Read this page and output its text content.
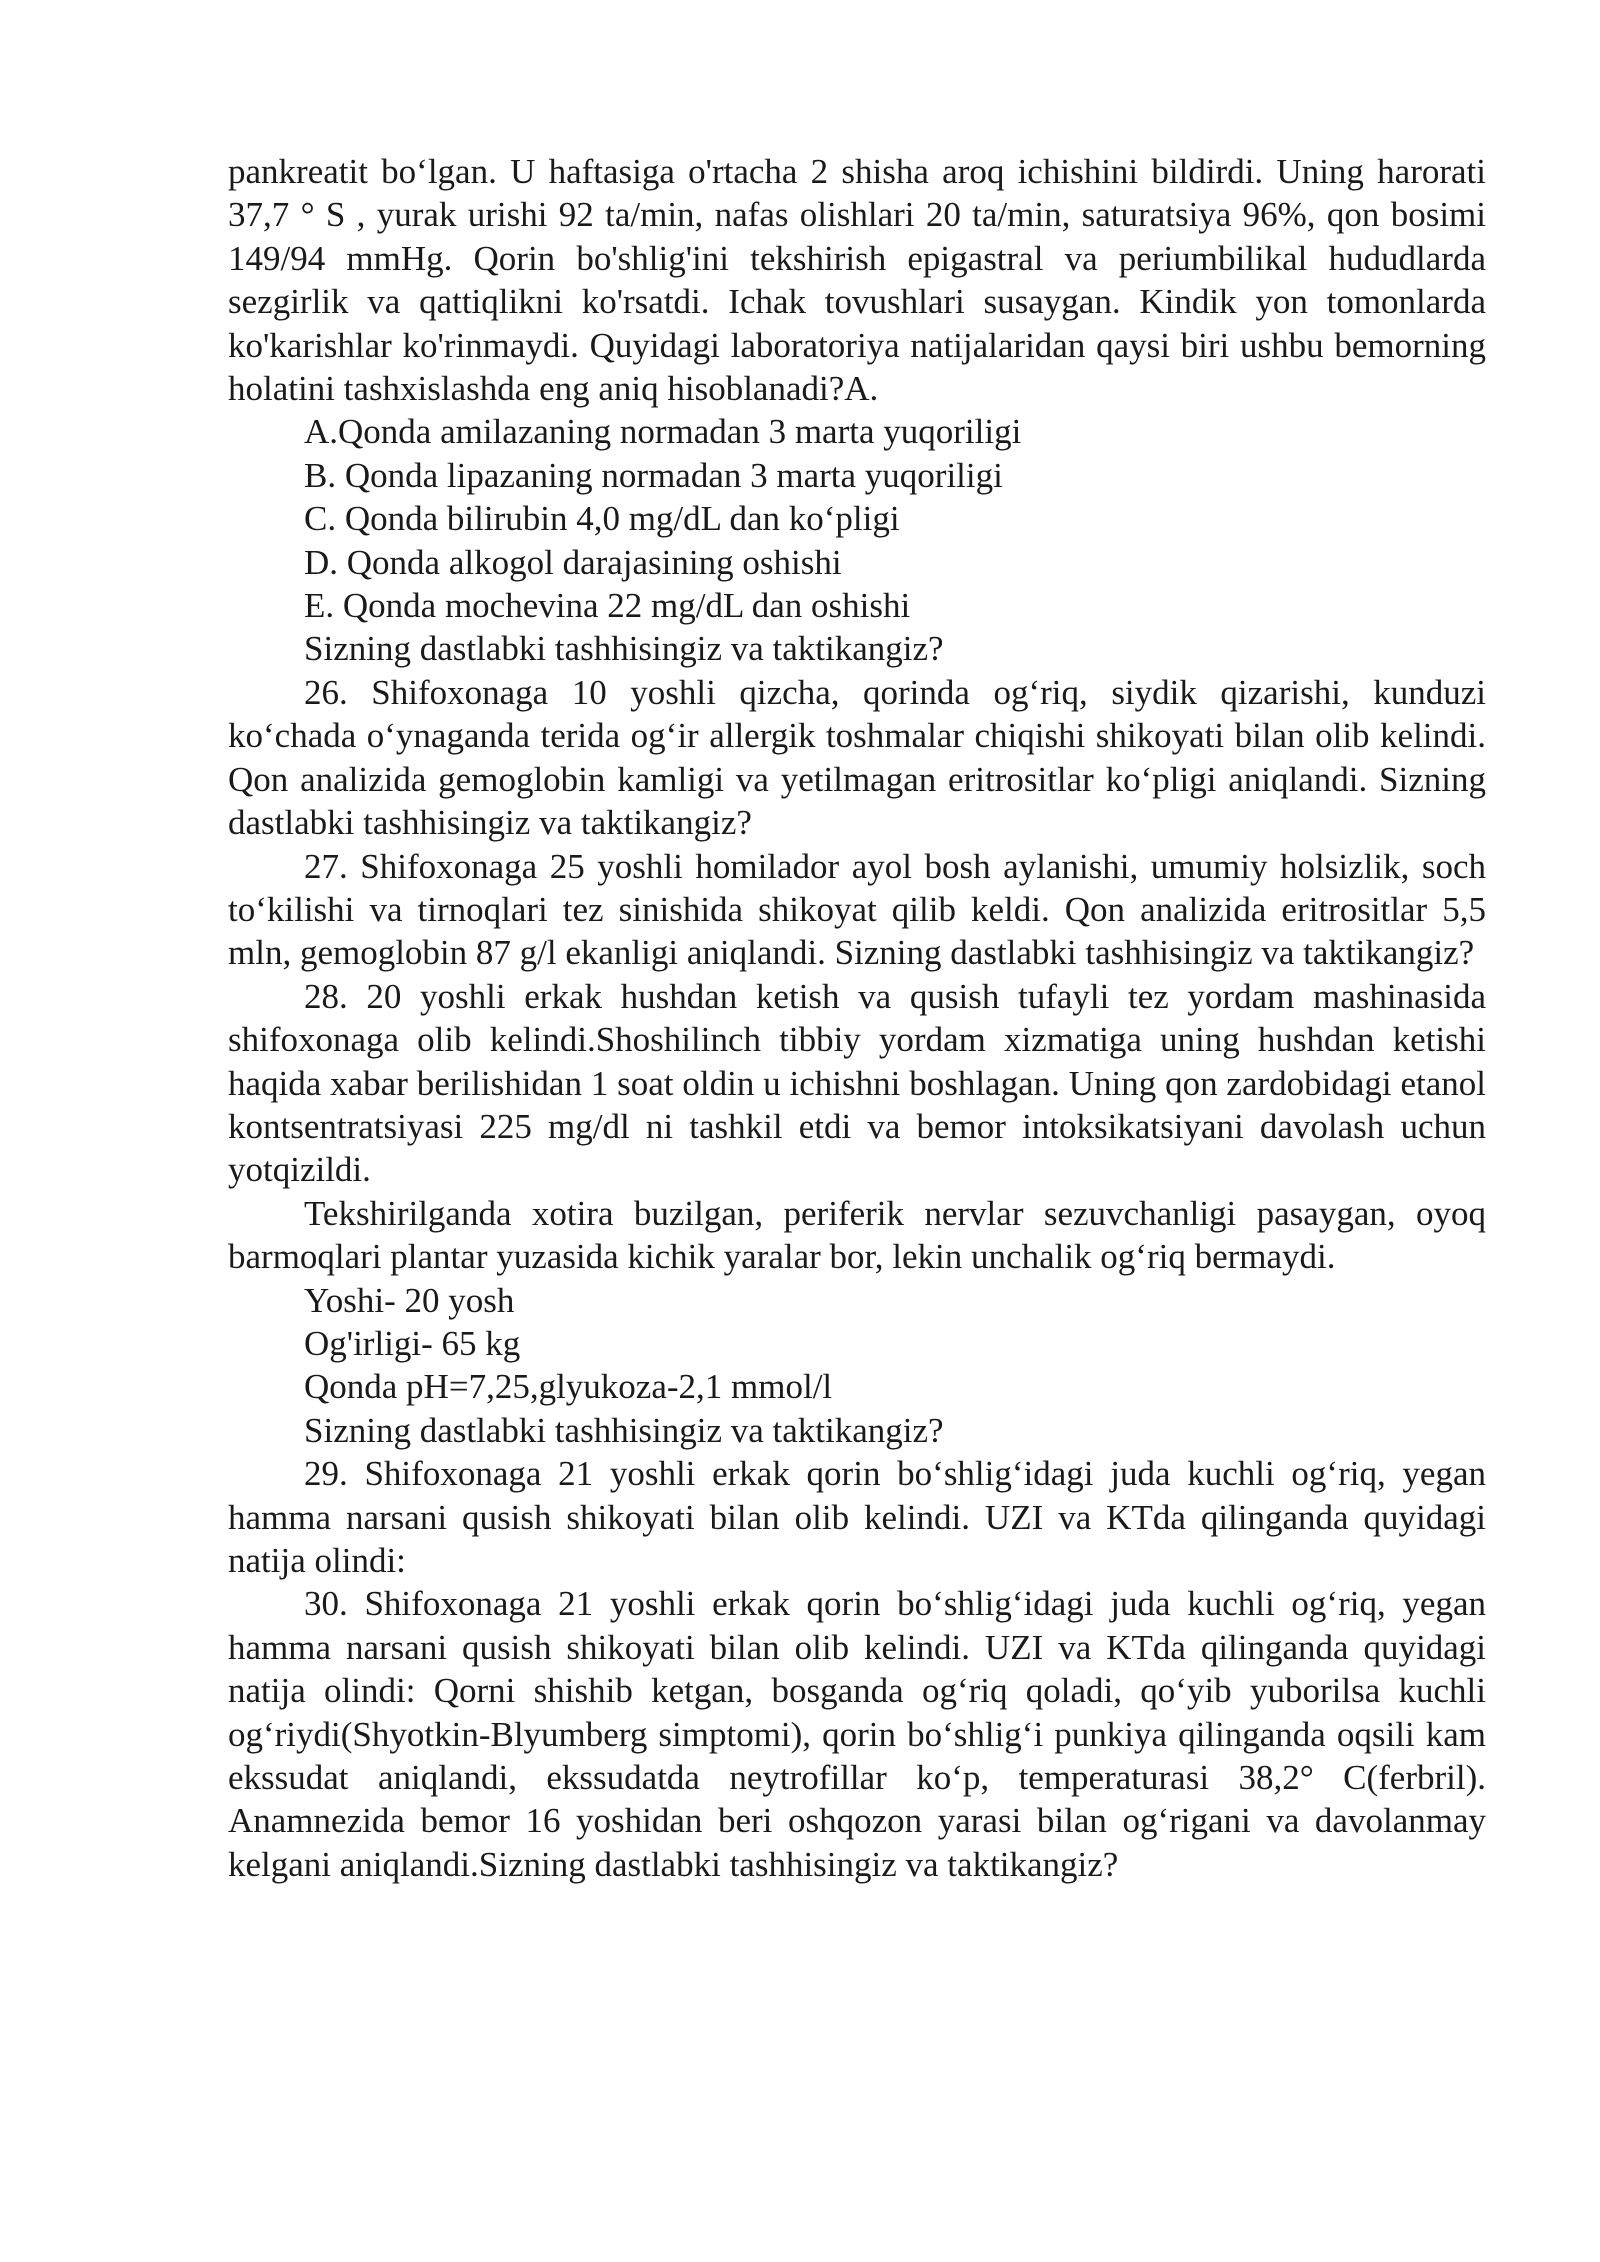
pankreatit bo‘lgan. U haftasiga o'rtacha 2 shisha aroq ichishini bildirdi. Uning harorati 37,7 ° S , yurak urishi 92 ta/min, nafas olishlari 20 ta/min, saturatsiya 96%, qon bosimi 149/94 mmHg. Qorin bo'shlig'ini tekshirish epigastral va periumbilikal hududlarda sezgirlik va qattiqlikni ko'rsatdi. Ichak tovushlari susaygan. Kindik yon tomonlarda ko'karishlar ko'rinmaydi. Quyidagi laboratoriya natijalaridan qaysi biri ushbu bemorning holatini tashxislashda eng aniq hisoblanadi?A.

A.Qonda amilazaning normadan 3 marta yuqoriligi

B. Qonda lipazaning normadan 3 marta yuqoriligi

C. Qonda bilirubin 4,0 mg/dL dan ko‘pligi

D. Qonda alkogol darajasining oshishi

E. Qonda mochevina 22 mg/dL dan oshishi

Sizning dastlabki tashhisingiz va taktikangiz?

26. Shifoxonaga 10 yoshli qizcha, qorinda og‘riq, siydik qizarishi, kunduzi ko‘chada o‘ynaganda terida og‘ir allergik toshmalar chiqishi shikoyati bilan olib kelindi. Qon analizida gemoglobin kamligi va yetilmagan eritrositlar ko‘pligi aniqlandi. Sizning dastlabki tashhisingiz va taktikangiz?

27. Shifoxonaga 25 yoshli homilador ayol bosh aylanishi, umumiy holsizlik, soch to‘kilishi va tirnoqlari tez sinishida shikoyat qilib keldi. Qon analizida eritrositlar 5,5 mln, gemoglobin 87 g/l ekanligi aniqlandi. Sizning dastlabki tashhisingiz va taktikangiz?

28. 20 yoshli erkak hushdan ketish va qusish tufayli tez yordam mashinasida shifoxonaga olib kelindi.Shoshilinch tibbiy yordam xizmatiga uning hushdan ketishi haqida xabar berilishidan 1 soat oldin u ichishni boshlagan. Uning qon zardobidagi etanol kontsentratsiyasi 225 mg/dl ni tashkil etdi va bemor intoksikatsiyani davolash uchun yotqizildi.

Tekshirilganda xotira buzilgan, periferik nervlar sezuvchanligi pasaygan, oyoq barmoqlari plantar yuzasida kichik yaralar bor, lekin unchalik og‘riq bermaydi.

Yoshi- 20 yosh

Og'irligi- 65 kg

Qonda pH=7,25,glyukoza-2,1 mmol/l

Sizning dastlabki tashhisingiz va taktikangiz?

29. Shifoxonaga 21 yoshli erkak qorin bo‘shlig‘idagi juda kuchli og‘riq, yegan hamma narsani qusish shikoyati bilan olib kelindi. UZI va KTda qilinganda quyidagi natija olindi:

30. Shifoxonaga 21 yoshli erkak qorin bo‘shlig‘idagi juda kuchli og‘riq, yegan hamma narsani qusish shikoyati bilan olib kelindi. UZI va KTda qilinganda quyidagi natija olindi: Qorni shishib ketgan, bosganda og‘riq qoladi, qo‘yib yuborilsa kuchli og‘riydi(Shyotkin-Blyumberg simptomi), qorin bo‘shlig‘i punkiya qilinganda oqsili kam ekssudat aniqlandi, ekssudatda neytrofillar ko‘p, temperaturasi 38,2° C(ferbril). Anamnezida bemor 16 yoshidan beri oshqozon yarasi bilan og‘rigani va davolanmay kelgani aniqlandi.Sizning dastlabki tashhisingiz va taktikangiz?
